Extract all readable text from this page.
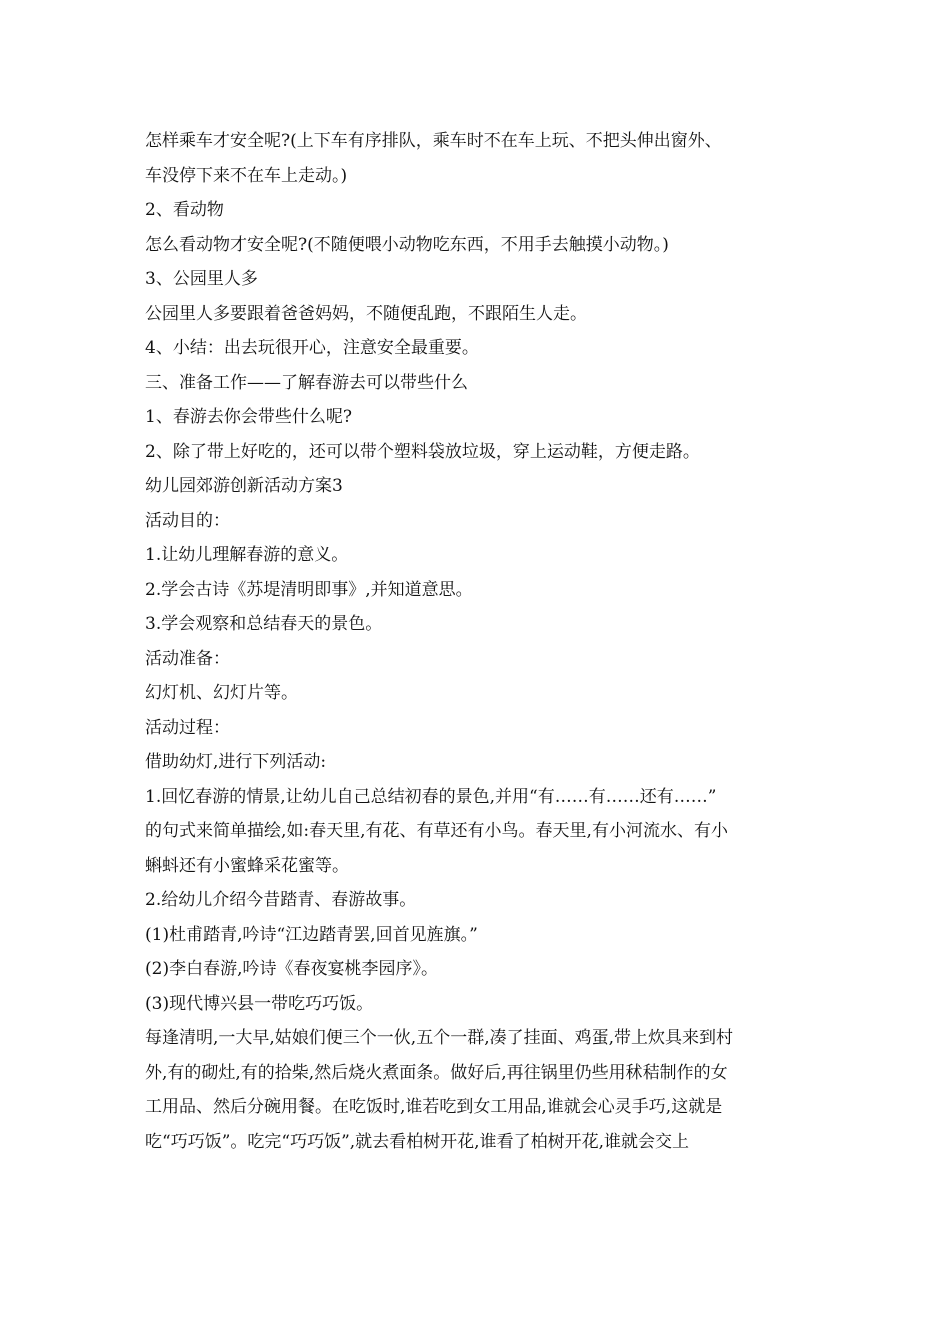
怎样乘车才安全呢?(上下车有序排队，乘车时不在车上玩、不把头伸出窗外、

车没停下来不在车上走动。)

2、看动物

怎么看动物才安全呢?(不随便喂小动物吃东西，不用手去触摸小动物。)

3、公园里人多

公园里人多要跟着爸爸妈妈，不随便乱跑，不跟陌生人走。

4、小结：出去玩很开心，注意安全最重要。

三、准备工作——了解春游去可以带些什么

1、春游去你会带些什么呢?

2、除了带上好吃的，还可以带个塑料袋放垃圾，穿上运动鞋，方便走路。

幼儿园郊游创新活动方案3

活动目的：

1.让幼儿理解春游的意义。

2.学会古诗《苏堤清明即事》,并知道意思。

3.学会观察和总结春天的景色。

活动准备：

幻灯机、幻灯片等。

活动过程：

借助幼灯,进行下列活动:

1.回忆春游的情景,让幼儿自己总结初春的景色,并用“有……有……还有……”

的句式来简单描绘,如:春天里,有花、有草还有小鸟。春天里,有小河流水、有小

蝌蚪还有小蜜蜂采花蜜等。

2.给幼儿介绍今昔踏青、春游故事。

(1)杜甫踏青,吟诗“江边踏青罢,回首见旌旗。”

(2)李白春游,吟诗《春夜宴桃李园序》。

(3)现代博兴县一带吃巧巧饭。

每逢清明,一大早,姑娘们便三个一伙,五个一群,凑了挂面、鸡蛋,带上炊具来到村

外,有的砌灶,有的拾柴,然后烧火煮面条。做好后,再往锅里仍些用秫秸制作的女

工用品、然后分碗用餐。在吃饭时,谁若吃到女工用品,谁就会心灵手巧,这就是

吃“巧巧饭”。吃完“巧巧饭”,就去看柏树开花,谁看了柏树开花,谁就会交上
